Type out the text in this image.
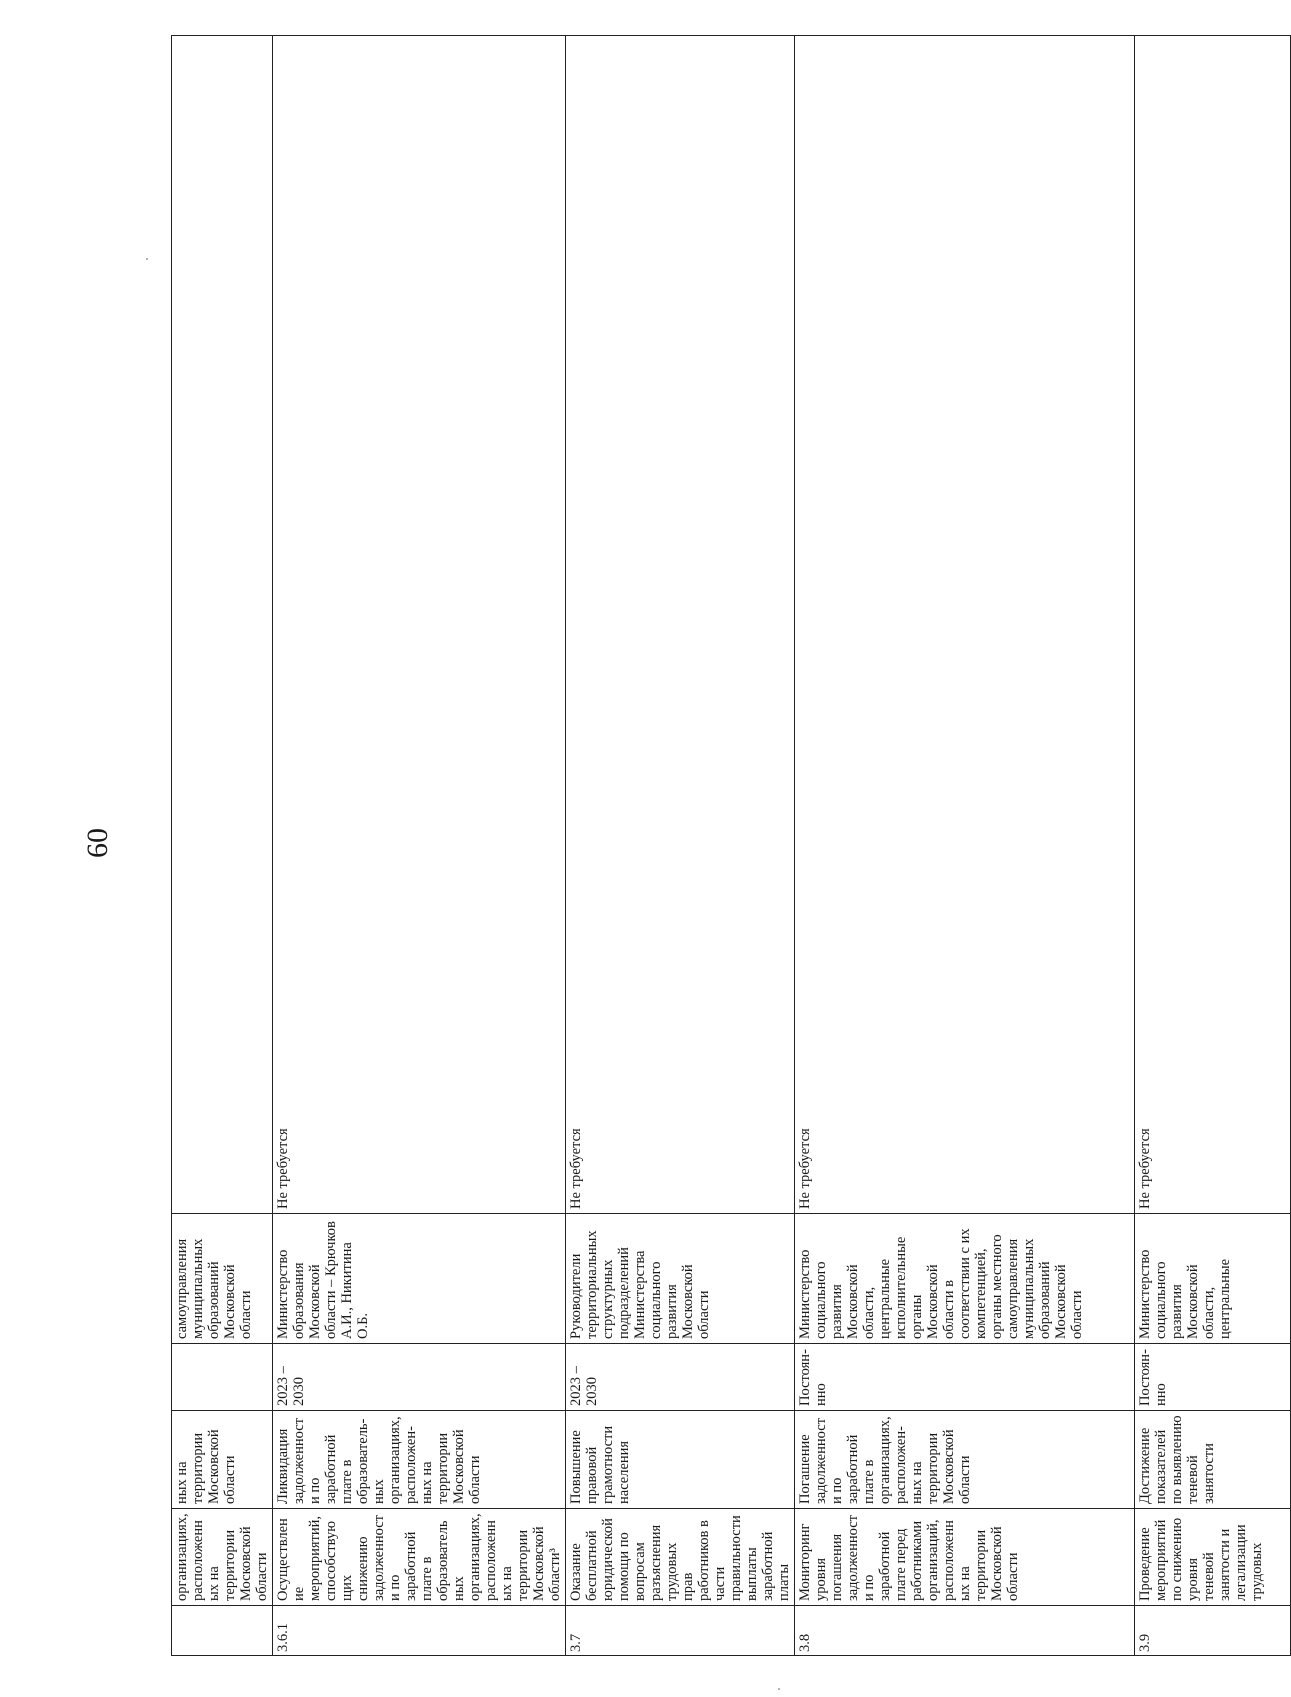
60
	организациях, расположенных на территории Московской области	ных на территории Московской области		самоуправления муниципальных образований Московской области	
3.6.1	Осуществление мероприятий, способствующих снижению задолженности по заработной плате в образовательных организациях, расположенных на территории Московской области³	Ликвидация задолженности по заработной плате в образователь-ных организациях, расположен-ных на территории Московской области	2023 – 2030	Министерство образования Московской области – Крючков А.И., Никитина О.Б.	Не требуется
3.7	Оказание бесплатной юридической помощи по вопросам разъяснения трудовых прав работников в части правильности выплаты заработной платы	Повышение правовой грамотности населения	2023 – 2030	Руководители территориальных структурных подразделений Министерства социального развития Московской области	Не требуется
3.8	Мониторинг уровня погашения задолженности по заработной плате перед работниками организаций, расположенных на территории Московской области	Погашение задолженности по заработной плате в организациях, расположен-ных на территории Московской области	Постоян-нно	Министерство социального развития Московской области, центральные исполнительные органы Московской области в соответствии с их компетенцией, органы местного самоуправления муниципальных образований Московской области	Не требуется
3.9	Проведение мероприятий по снижению уровня теневой занятости и легализации трудовых	Достижение показателей по выявлению теневой занятости	Постоян-нно	Министерство социального развития Московской области, центральные	Не требуется
